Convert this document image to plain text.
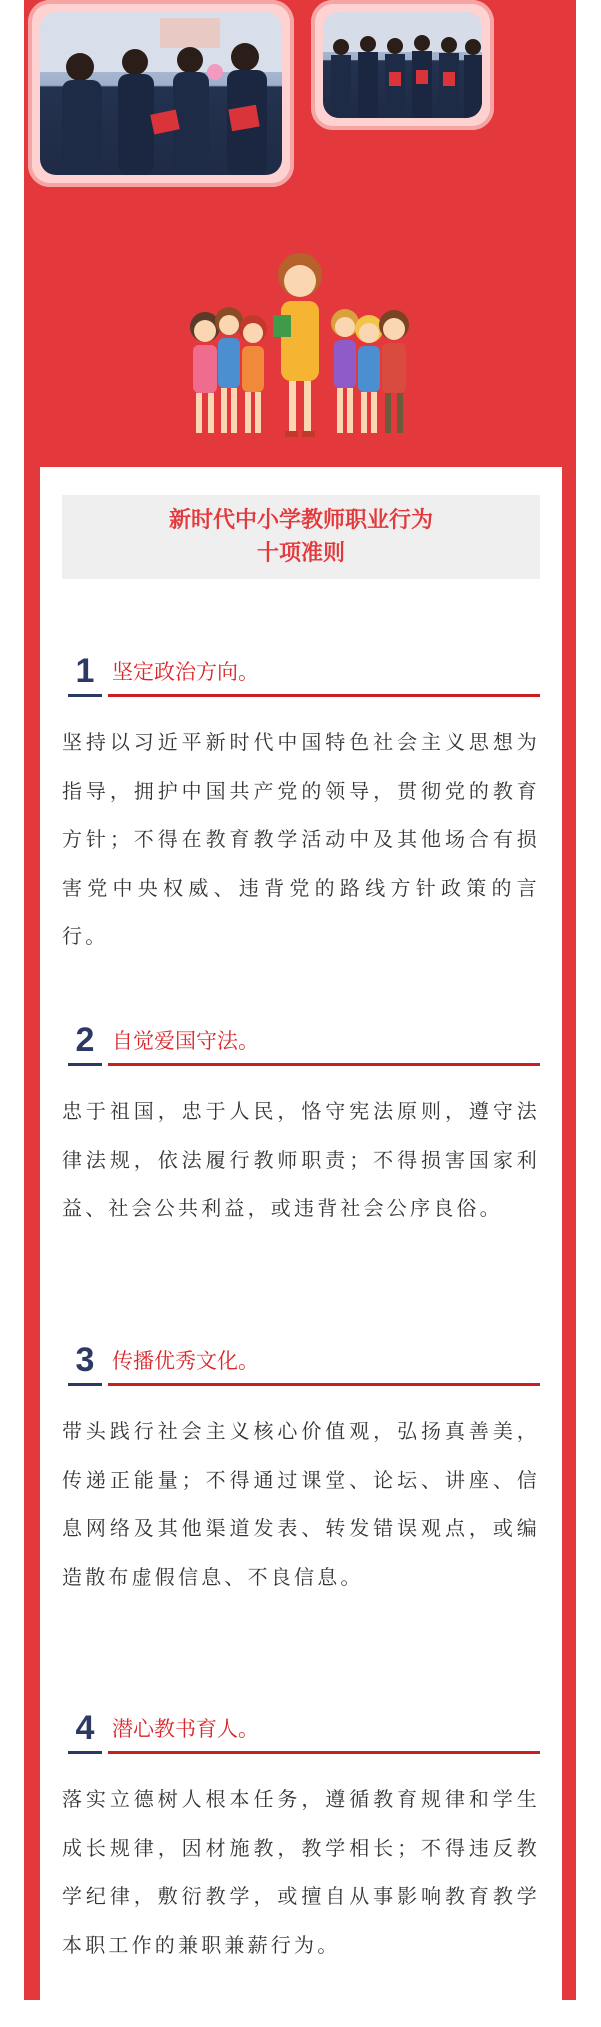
新时代中小学教师职业行为
十项准则
1 坚定政治方向。
坚持以习近平新时代中国特色社会主义思想为指导，拥护中国共产党的领导，贯彻党的教育方针；不得在教育教学活动中及其他场合有损害党中央权威、违背党的路线方针政策的言行。
2 自觉爱国守法。
忠于祖国，忠于人民，恪守宪法原则，遵守法律法规，依法履行教师职责；不得损害国家利益、社会公共利益，或违背社会公序良俗。
3 传播优秀文化。
带头践行社会主义核心价值观，弘扬真善美，传递正能量；不得通过课堂、论坛、讲座、信息网络及其他渠道发表、转发错误观点，或编造散布虚假信息、不良信息。
4 潜心教书育人。
落实立德树人根本任务，遵循教育规律和学生成长规律，因材施教，教学相长；不得违反教学纪律，敷衍教学，或擅自从事影响教育教学本职工作的兼职兼薪行为。
